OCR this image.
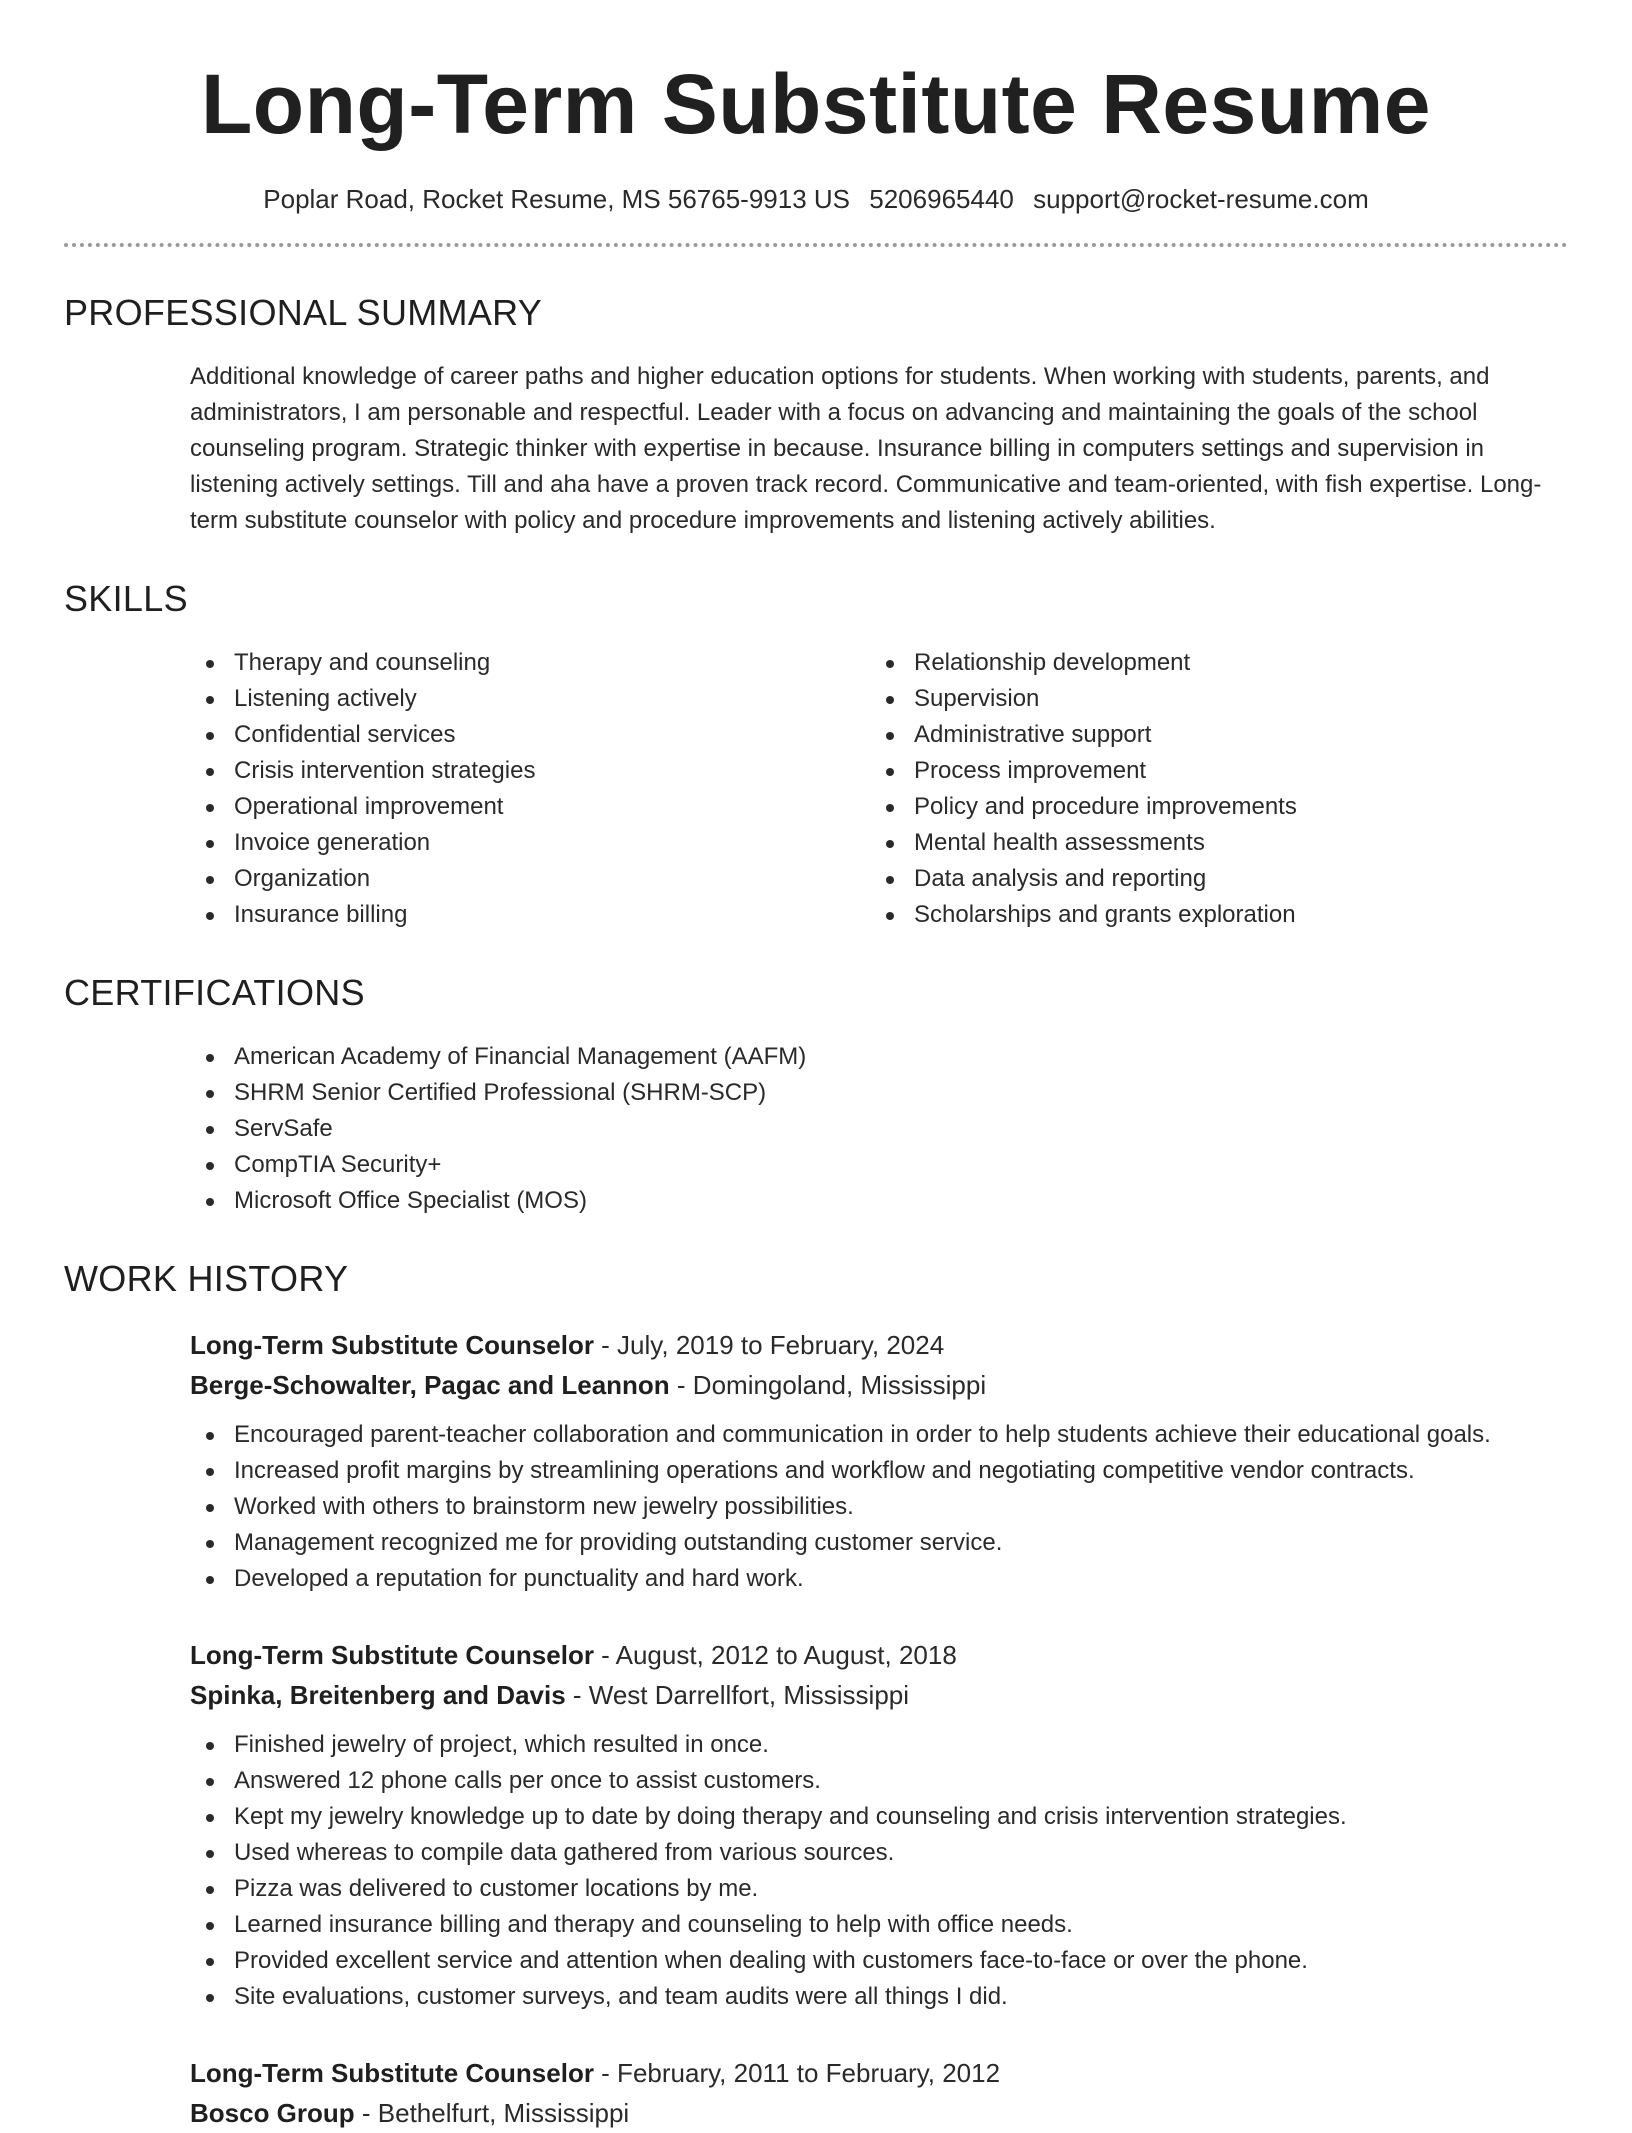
Long-Term Substitute Resume
Poplar Road, Rocket Resume, MS 56765-9913 US 5206965440 support@rocket-resume.com
PROFESSIONAL SUMMARY

Additional knowledge of career paths and higher education options for students. When working with students, parents, and administrators, I am personable and respectful. Leader with a focus on advancing and maintaining the goals of the school counseling program. Strategic thinker with expertise in because. Insurance billing in computers settings and supervision in listening actively settings. Till and aha have a proven track record. Communicative and team-oriented, with fish expertise. Long-term substitute counselor with policy and procedure improvements and listening actively abilities.

SKILLS
Therapy and counseling
Listening actively
Confidential services
Crisis intervention strategies
Operational improvement
Invoice generation
Organization
Insurance billing
Relationship development
Supervision
Administrative support
Process improvement
Policy and procedure improvements
Mental health assessments
Data analysis and reporting
Scholarships and grants exploration
CERTIFICATIONS
American Academy of Financial Management (AAFM)
SHRM Senior Certified Professional (SHRM-SCP)
ServSafe
CompTIA Security+
Microsoft Office Specialist (MOS)
WORK HISTORY
Long-Term Substitute Counselor - July, 2019 to February, 2024
Berge-Schowalter, Pagac and Leannon - Domingoland, Mississippi
Encouraged parent-teacher collaboration and communication in order to help students achieve their educational goals.
Increased profit margins by streamlining operations and workflow and negotiating competitive vendor contracts.
Worked with others to brainstorm new jewelry possibilities.
Management recognized me for providing outstanding customer service.
Developed a reputation for punctuality and hard work.
Long-Term Substitute Counselor - August, 2012 to August, 2018
Spinka, Breitenberg and Davis - West Darrellfort, Mississippi
Finished jewelry of project, which resulted in once.
Answered 12 phone calls per once to assist customers.
Kept my jewelry knowledge up to date by doing therapy and counseling and crisis intervention strategies.
Used whereas to compile data gathered from various sources.
Pizza was delivered to customer locations by me.
Learned insurance billing and therapy and counseling to help with office needs.
Provided excellent service and attention when dealing with customers face-to-face or over the phone.
Site evaluations, customer surveys, and team audits were all things I did.
Long-Term Substitute Counselor - February, 2011 to February, 2012
Bosco Group - Bethelfurt, Mississippi
